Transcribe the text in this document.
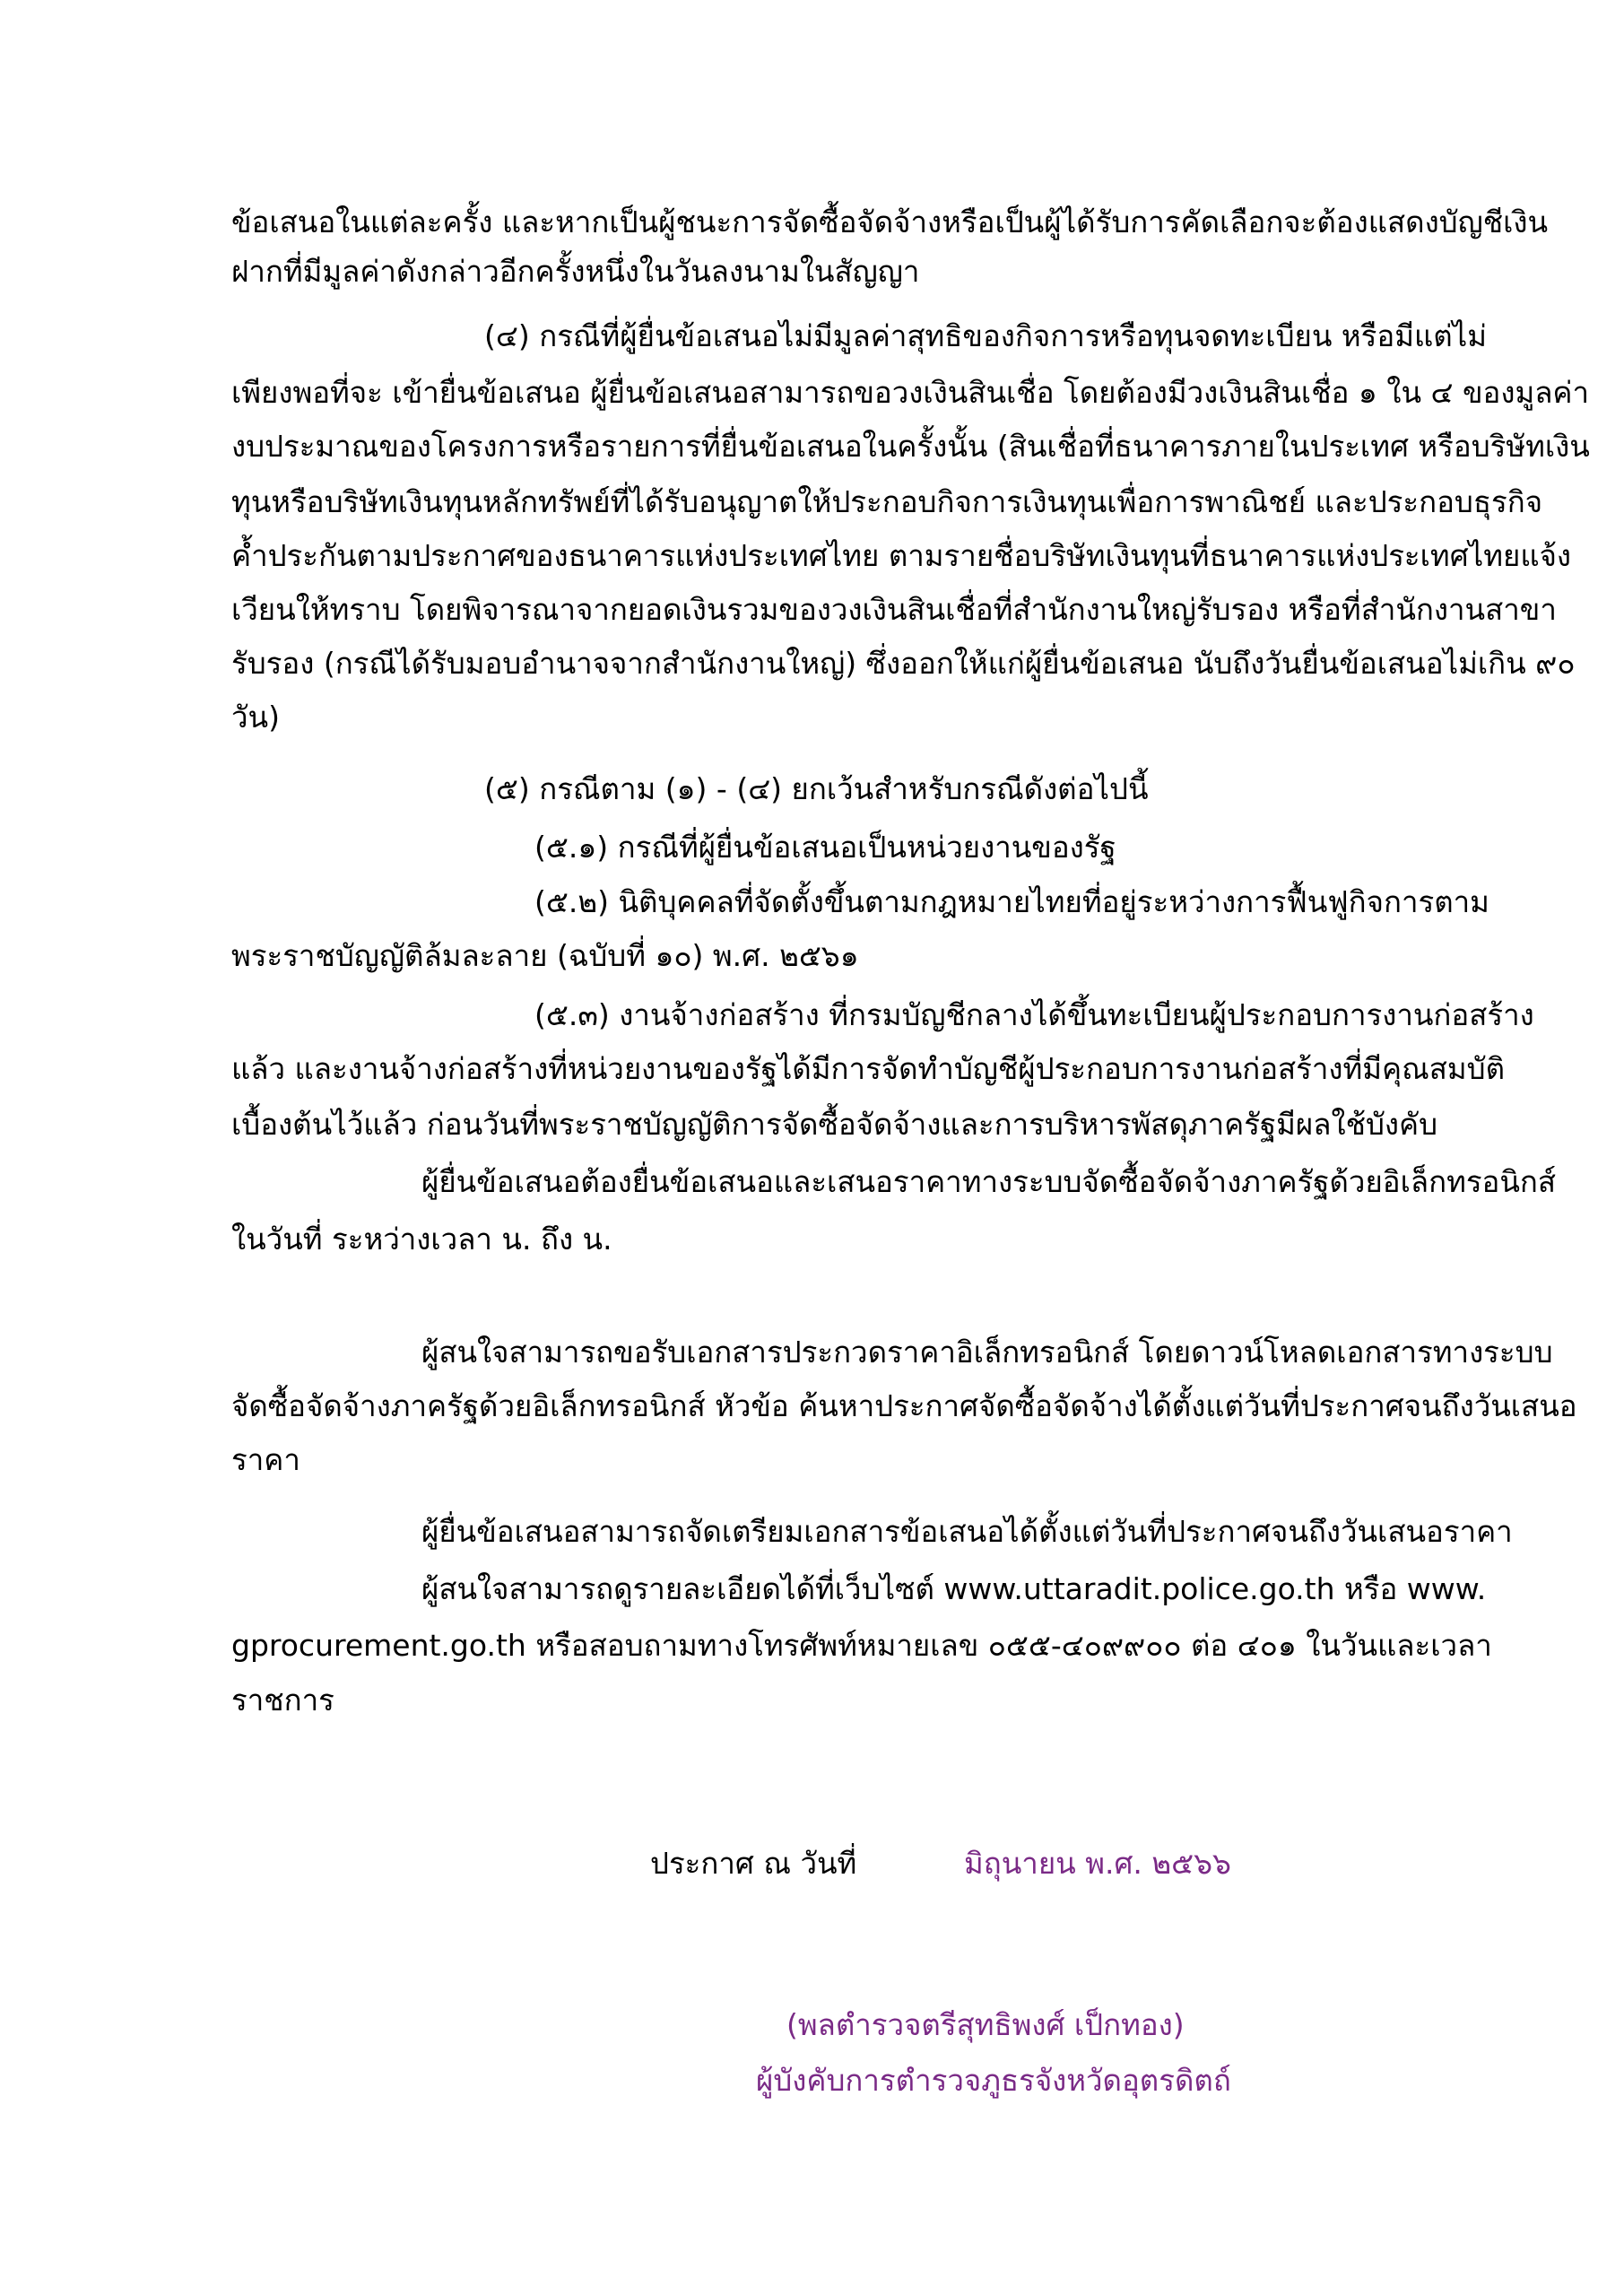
ข้อเสนอในแต่ละครั้ง และหากเป็นผู้ชนะการจัดซื้อจัดจ้างหรือเป็นผู้ได้รับการคัดเลือกจะต้องแสดงบัญชีเงิน
ฝากที่มีมูลค่าดังกล่าวอีกครั้งหนึ่งในวันลงนามในสัญญา
(๔) กรณีที่ผู้ยื่นข้อเสนอไม่มีมูลค่าสุทธิของกิจการหรือทุนจดทะเบียน หรือมีแต่ไม่
เพียงพอที่จะ เข้ายื่นข้อเสนอ ผู้ยื่นข้อเสนอสามารถขอวงเงินสินเชื่อ โดยต้องมีวงเงินสินเชื่อ ๑ ใน ๔ ของมูลค่า
งบประมาณของโครงการหรือรายการที่ยื่นข้อเสนอในครั้งนั้น (สินเชื่อที่ธนาคารภายในประเทศ หรือบริษัทเงิน
ทุนหรือบริษัทเงินทุนหลักทรัพย์ที่ได้รับอนุญาตให้ประกอบกิจการเงินทุนเพื่อการพาณิชย์ และประกอบธุรกิจ
ค้ำประกันตามประกาศของธนาคารแห่งประเทศไทย ตามรายชื่อบริษัทเงินทุนที่ธนาคารแห่งประเทศไทยแจ้ง
เวียนให้ทราบ โดยพิจารณาจากยอดเงินรวมของวงเงินสินเชื่อที่สำนักงานใหญ่รับรอง หรือที่สำนักงานสาขา
รับรอง (กรณีได้รับมอบอำนาจจากสำนักงานใหญ่) ซึ่งออกให้แก่ผู้ยื่นข้อเสนอ นับถึงวันยื่นข้อเสนอไม่เกิน ๙๐
วัน)
(๕) กรณีตาม (๑) - (๔) ยกเว้นสำหรับกรณีดังต่อไปนี้
(๕.๑) กรณีที่ผู้ยื่นข้อเสนอเป็นหน่วยงานของรัฐ
(๕.๒) นิติบุคคลที่จัดตั้งขึ้นตามกฎหมายไทยที่อยู่ระหว่างการฟื้นฟูกิจการตาม
พระราชบัญญัติล้มละลาย (ฉบับที่ ๑๐) พ.ศ. ๒๕๖๑
(๕.๓) งานจ้างก่อสร้าง ที่กรมบัญชีกลางได้ขึ้นทะเบียนผู้ประกอบการงานก่อสร้าง
แล้ว และงานจ้างก่อสร้างที่หน่วยงานของรัฐได้มีการจัดทำบัญชีผู้ประกอบการงานก่อสร้างที่มีคุณสมบัติ
เบื้องต้นไว้แล้ว ก่อนวันที่พระราชบัญญัติการจัดซื้อจัดจ้างและการบริหารพัสดุภาครัฐมีผลใช้บังคับ
ผู้ยื่นข้อเสนอต้องยื่นข้อเสนอและเสนอราคาทางระบบจัดซื้อจัดจ้างภาครัฐด้วยอิเล็กทรอนิกส์
ในวันที่ ระหว่างเวลา น. ถึง น.
ผู้สนใจสามารถขอรับเอกสารประกวดราคาอิเล็กทรอนิกส์ โดยดาวน์โหลดเอกสารทางระบบ
จัดซื้อจัดจ้างภาครัฐด้วยอิเล็กทรอนิกส์ หัวข้อ ค้นหาประกาศจัดซื้อจัดจ้างได้ตั้งแต่วันที่ประกาศจนถึงวันเสนอ
ราคา
ผู้ยื่นข้อเสนอสามารถจัดเตรียมเอกสารข้อเสนอได้ตั้งแต่วันที่ประกาศจนถึงวันเสนอราคา
ผู้สนใจสามารถดูรายละเอียดได้ที่เว็บไซต์ www.uttaradit.police.go.th หรือ www.
gprocurement.go.th หรือสอบถามทางโทรศัพท์หมายเลข ๐๕๕-๔๐๙๙๐๐ ต่อ ๔๐๑ ในวันและเวลา
ราชการ
ประกาศ ณ วันที่	มิถุนายน พ.ศ. ๒๕๖๖
(พลตำรวจตรีสุทธิพงศ์ เป็กทอง)
ผู้บังคับการตำรวจภูธรจังหวัดอุตรดิตถ์
